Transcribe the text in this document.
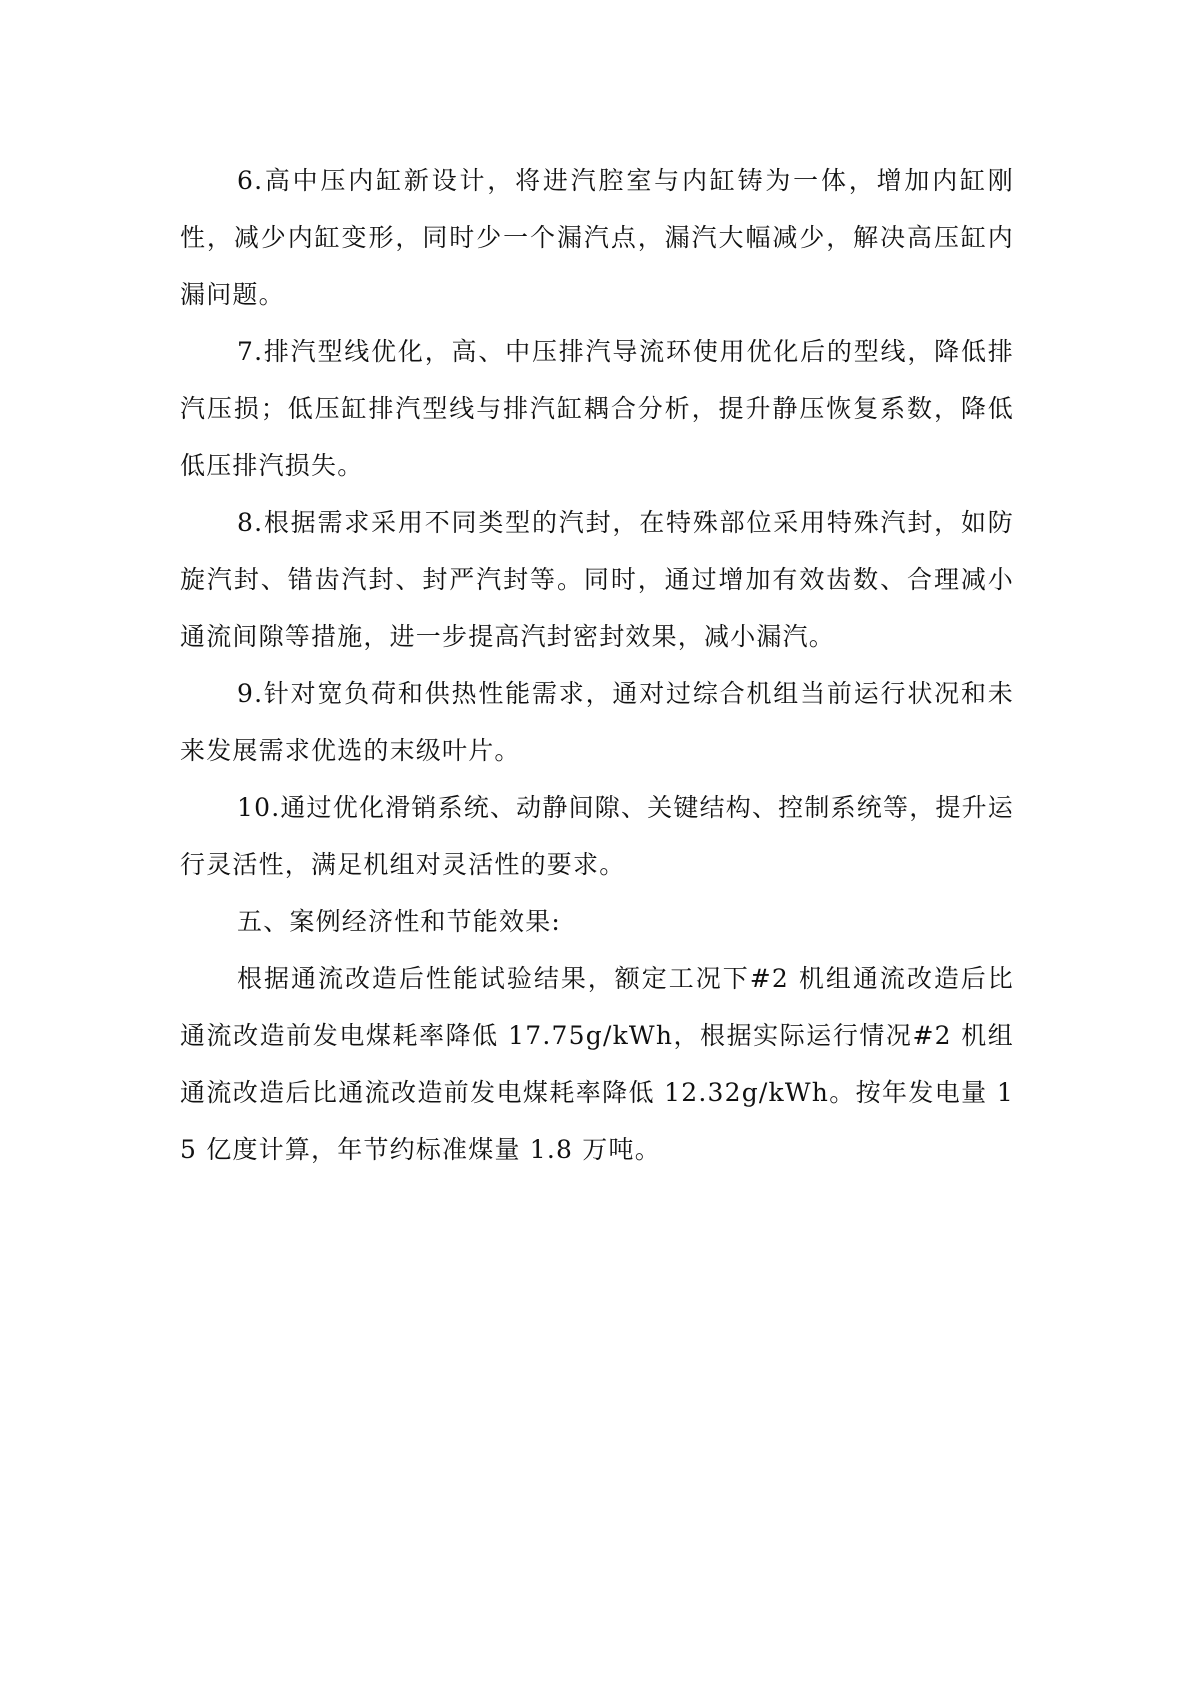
6.高中压内缸新设计，将进汽腔室与内缸铸为一体，增加内缸刚性，减少内缸变形，同时少一个漏汽点，漏汽大幅减少，解决高压缸内漏问题。

7.排汽型线优化，高、中压排汽导流环使用优化后的型线，降低排汽压损；低压缸排汽型线与排汽缸耦合分析，提升静压恢复系数，降低低压排汽损失。

8.根据需求采用不同类型的汽封，在特殊部位采用特殊汽封，如防旋汽封、错齿汽封、封严汽封等。同时，通过增加有效齿数、合理减小通流间隙等措施，进一步提高汽封密封效果，减小漏汽。

9.针对宽负荷和供热性能需求，通对过综合机组当前运行状况和未来发展需求优选的末级叶片。

10.通过优化滑销系统、动静间隙、关键结构、控制系统等，提升运行灵活性，满足机组对灵活性的要求。

五、案例经济性和节能效果:

根据通流改造后性能试验结果，额定工况下#2 机组通流改造后比通流改造前发电煤耗率降低 17.75g/kWh，根据实际运行情况#2 机组通流改造后比通流改造前发电煤耗率降低 12.32g/kWh。按年发电量 15 亿度计算，年节约标准煤量 1.8 万吨。
